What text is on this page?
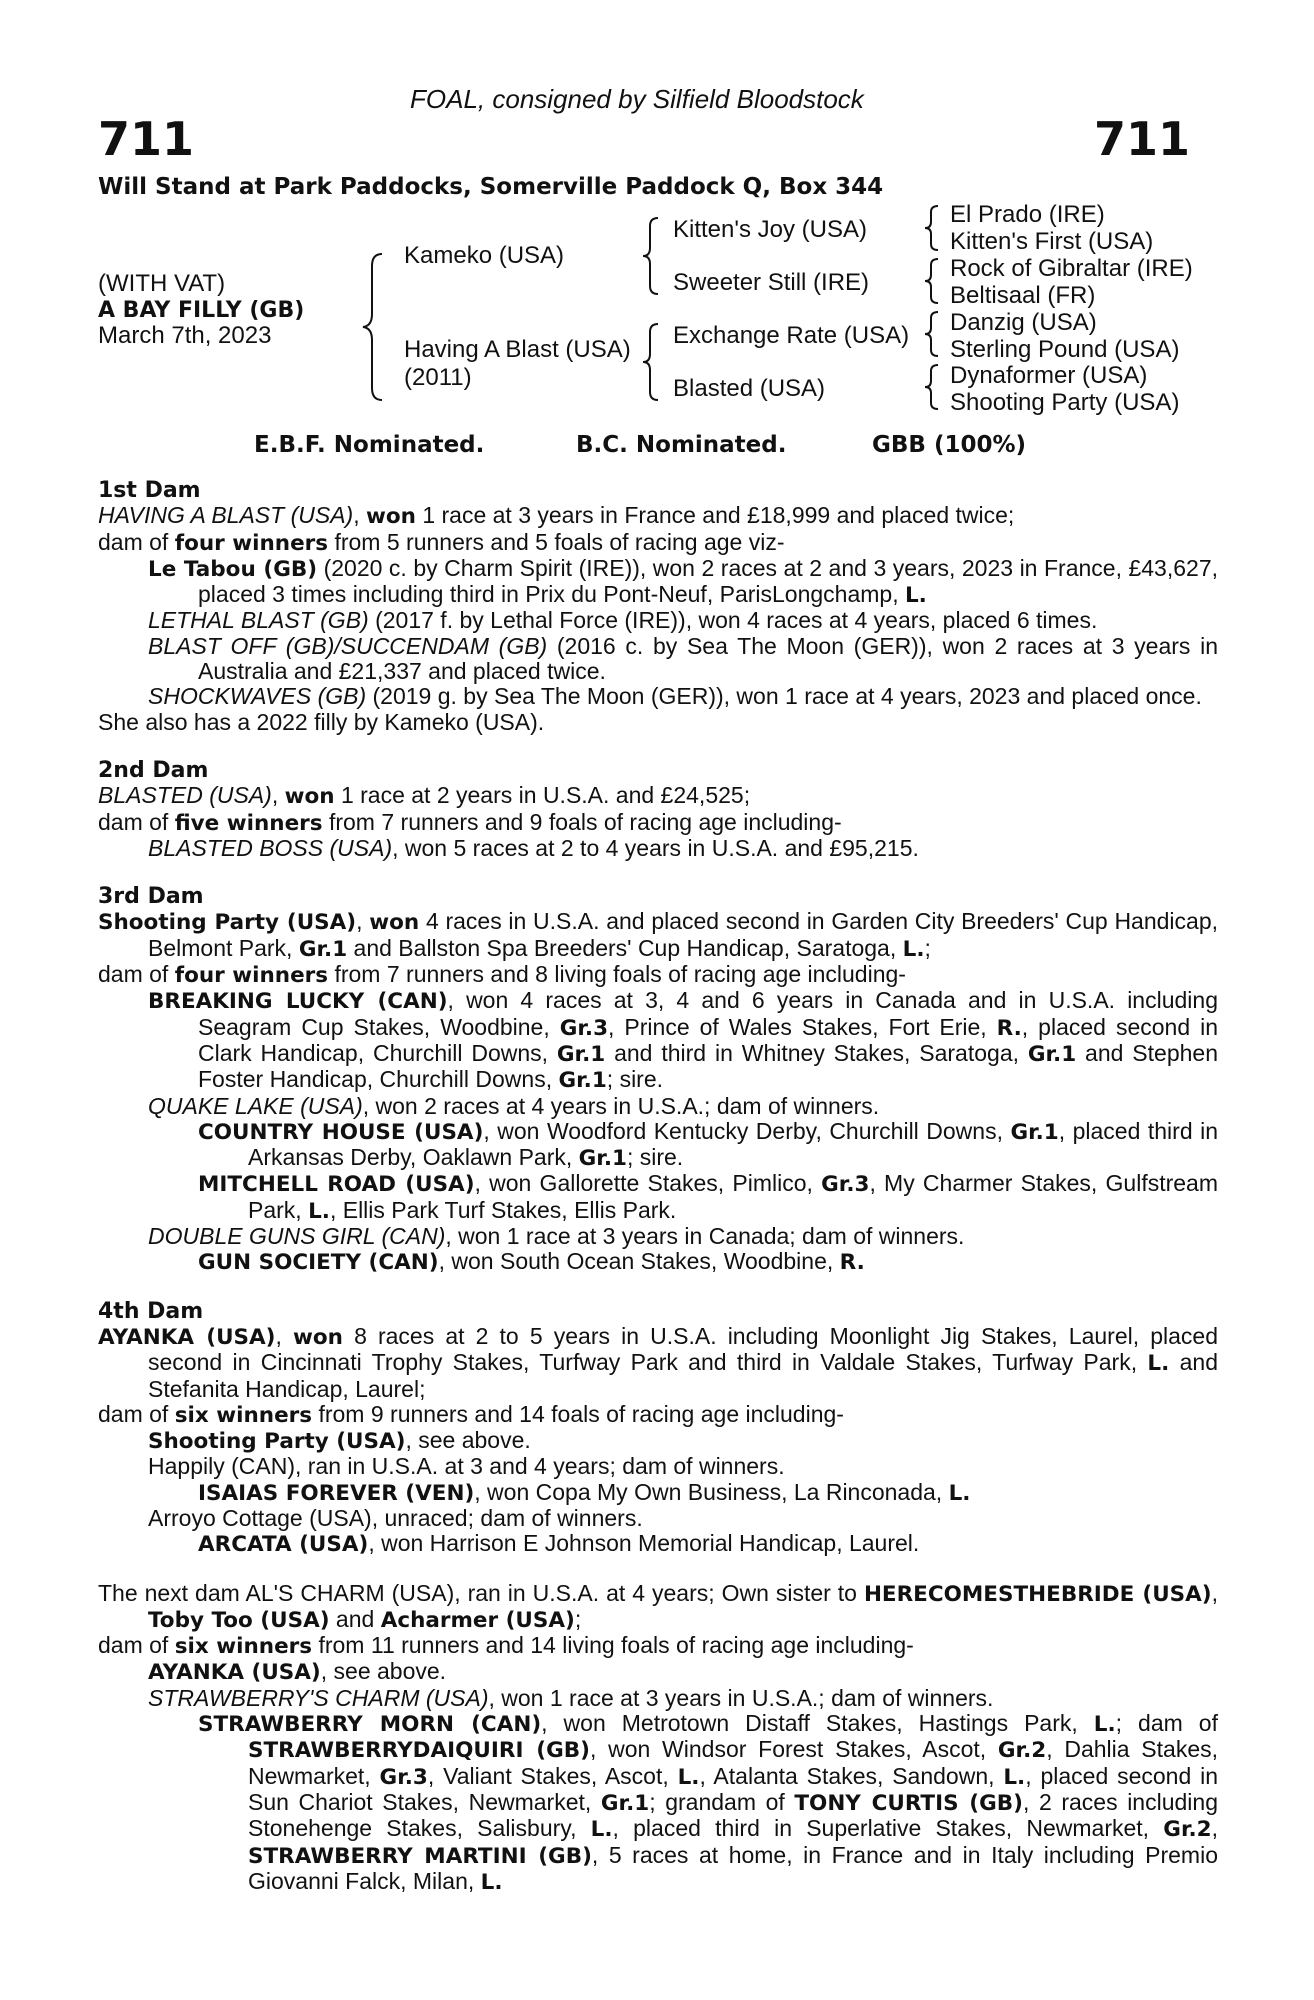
FOAL, consigned by Silfield Bloodstock
711	711
Will Stand at Park Paddocks, Somerville Paddock Q, Box 344
(WITH VAT)
A BAY FILLY (GB)
March 7th, 2023
Kameko (USA)
Having A Blast (USA)
(2011)
Kitten's Joy (USA)
Sweeter Still (IRE)
Exchange Rate (USA)
Blasted (USA)
El Prado (IRE)
Kitten's First (USA)
Rock of Gibraltar (IRE)
Beltisaal (FR)
Danzig (USA)
Sterling Pound (USA)
Dynaformer (USA)
Shooting Party (USA)
E.B.F. Nominated.	B.C. Nominated.	GBB (100%)
1st Dam
HAVING A BLAST (USA), won 1 race at 3 years in France and £18,999 and placed twice;
dam of four winners from 5 runners and 5 foals of racing age viz-
Le Tabou (GB) (2020 c. by Charm Spirit (IRE)), won 2 races at 2 and 3 years, 2023 in France, £43,627, placed 3 times including third in Prix du Pont-Neuf, ParisLongchamp, L.
LETHAL BLAST (GB) (2017 f. by Lethal Force (IRE)), won 4 races at 4 years, placed 6 times.
BLAST OFF (GB)/SUCCENDAM (GB) (2016 c. by Sea The Moon (GER)), won 2 races at 3 years in Australia and £21,337 and placed twice.
SHOCKWAVES (GB) (2019 g. by Sea The Moon (GER)), won 1 race at 4 years, 2023 and placed once.
She also has a 2022 filly by Kameko (USA).
2nd Dam
BLASTED (USA), won 1 race at 2 years in U.S.A. and £24,525;
dam of five winners from 7 runners and 9 foals of racing age including-
BLASTED BOSS (USA), won 5 races at 2 to 4 years in U.S.A. and £95,215.
3rd Dam
Shooting Party (USA), won 4 races in U.S.A. and placed second in Garden City Breeders' Cup Handicap, Belmont Park, Gr.1 and Ballston Spa Breeders' Cup Handicap, Saratoga, L.;
dam of four winners from 7 runners and 8 living foals of racing age including-
BREAKING LUCKY (CAN), won 4 races at 3, 4 and 6 years in Canada and in U.S.A. including Seagram Cup Stakes, Woodbine, Gr.3, Prince of Wales Stakes, Fort Erie, R., placed second in Clark Handicap, Churchill Downs, Gr.1 and third in Whitney Stakes, Saratoga, Gr.1 and Stephen Foster Handicap, Churchill Downs, Gr.1; sire.
QUAKE LAKE (USA), won 2 races at 4 years in U.S.A.; dam of winners.
COUNTRY HOUSE (USA), won Woodford Kentucky Derby, Churchill Downs, Gr.1, placed third in Arkansas Derby, Oaklawn Park, Gr.1; sire.
MITCHELL ROAD (USA), won Gallorette Stakes, Pimlico, Gr.3, My Charmer Stakes, Gulfstream Park, L., Ellis Park Turf Stakes, Ellis Park.
DOUBLE GUNS GIRL (CAN), won 1 race at 3 years in Canada; dam of winners.
GUN SOCIETY (CAN), won South Ocean Stakes, Woodbine, R.
4th Dam
AYANKA (USA), won 8 races at 2 to 5 years in U.S.A. including Moonlight Jig Stakes, Laurel, placed second in Cincinnati Trophy Stakes, Turfway Park and third in Valdale Stakes, Turfway Park, L. and Stefanita Handicap, Laurel;
dam of six winners from 9 runners and 14 foals of racing age including-
Shooting Party (USA), see above.
Happily (CAN), ran in U.S.A. at 3 and 4 years; dam of winners.
ISAIAS FOREVER (VEN), won Copa My Own Business, La Rinconada, L.
Arroyo Cottage (USA), unraced; dam of winners.
ARCATA (USA), won Harrison E Johnson Memorial Handicap, Laurel.
The next dam AL'S CHARM (USA), ran in U.S.A. at 4 years; Own sister to HERECOMESTHEBRIDE (USA), Toby Too (USA) and Acharmer (USA);
dam of six winners from 11 runners and 14 living foals of racing age including-
AYANKA (USA), see above.
STRAWBERRY'S CHARM (USA), won 1 race at 3 years in U.S.A.; dam of winners.
STRAWBERRY MORN (CAN), won Metrotown Distaff Stakes, Hastings Park, L.; dam of STRAWBERRYDAIQUIRI (GB), won Windsor Forest Stakes, Ascot, Gr.2, Dahlia Stakes, Newmarket, Gr.3, Valiant Stakes, Ascot, L., Atalanta Stakes, Sandown, L., placed second in Sun Chariot Stakes, Newmarket, Gr.1; grandam of TONY CURTIS (GB), 2 races including Stonehenge Stakes, Salisbury, L., placed third in Superlative Stakes, Newmarket, Gr.2, STRAWBERRY MARTINI (GB), 5 races at home, in France and in Italy including Premio Giovanni Falck, Milan, L.
